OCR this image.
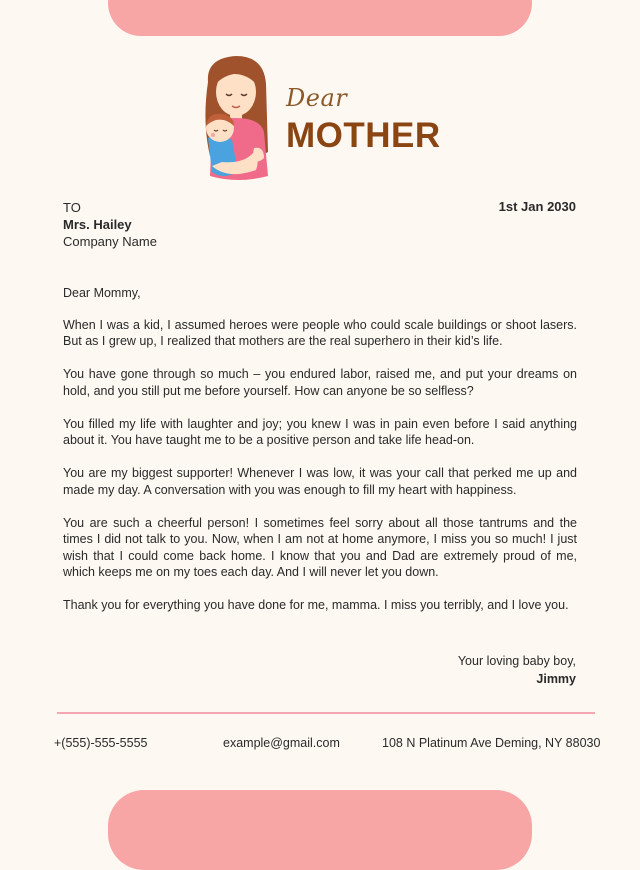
Dear
MOTHER
TO
Mrs. Hailey
Company Name
1st Jan 2030

Dear Mommy,

When I was a kid, I assumed heroes were people who could scale buildings or shoot lasers. But as I grew up, I realized that mothers are the real superhero in their kid’s life.

You have gone through so much – you endured labor, raised me, and put your dreams on hold, and you still put me before yourself. How can anyone be so selfless?

You filled my life with laughter and joy; you knew I was in pain even before I said anything about it. You have taught me to be a positive person and take life head-on.

You are my biggest supporter! Whenever I was low, it was your call that perked me up and made my day. A conversation with you was enough to fill my heart with happiness.

You are such a cheerful person! I sometimes feel sorry about all those tantrums and the times I did not talk to you. Now, when I am not at home anymore, I miss you so much! I just wish that I could come back home. I know that you and Dad are extremely proud of me, which keeps me on my toes each day. And I will never let you down.

Thank you for everything you have done for me, mamma. I miss you terribly, and I love you.

Your loving baby boy,
Jimmy
+(555)-555-5555	example@gmail.com	108 N Platinum Ave Deming, NY 88030
